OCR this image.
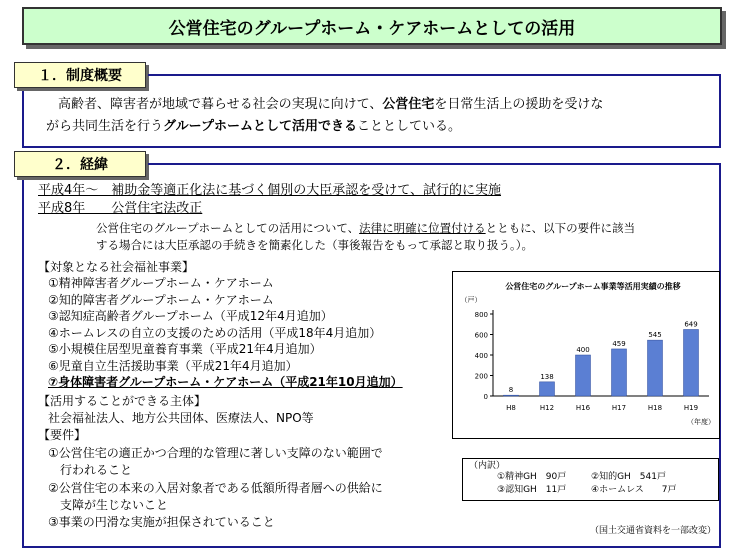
公営住宅のグループホーム・ケアホームとしての活用
１．制度概要
高齢者、障害者が地域で暮らせる社会の実現に向けて、公営住宅を日常生活上の援助を受けな
がら共同生活を行うグループホームとして活用できることとしている。
２．経緯
平成4年～　補助金等適正化法に基づく個別の大臣承認を受けて、試行的に実施
平成8年　　公営住宅法改正
公営住宅のグループホームとしての活用について、法律に明確に位置付けるとともに、以下の要件に該当
する場合には大臣承認の手続きを簡素化した（事後報告をもって承認と取り扱う。）。
【対象となる社会福祉事業】
①精神障害者グループホーム・ケアホーム
②知的障害者グループホーム・ケアホーム
③認知症高齢者グループホーム（平成12年4月追加）
④ホームレスの自立の支援のための活用（平成18年4月追加）
⑤小規模住居型児童養育事業（平成21年4月追加）
⑥児童自立生活援助事業（平成21年4月追加）
⑦身体障害者グループホーム・ケアホーム（平成21年10月追加）
【活用することができる主体】
社会福祉法人、地方公共団体、医療法人、NPO等
【要件】
①公営住宅の適正かつ合理的な管理に著しい支障のない範囲で
行われること
②公営住宅の本来の入居対象者である低額所得者層への供給に
支障が生じないこと
③事業の円滑な実施が担保されていること
公営住宅のグループホーム事業等活用実績の推移
（戸）
（年度）
0
200
400
600
800
8
H8
138
H12
400
H16
459
H17
545
H18
649
H19
（内訳）
①精神GH　90戸	②知的GH　541戸
③認知GH　11戸	④ホームレス　　7戸
（国土交通省資料を一部改変）
